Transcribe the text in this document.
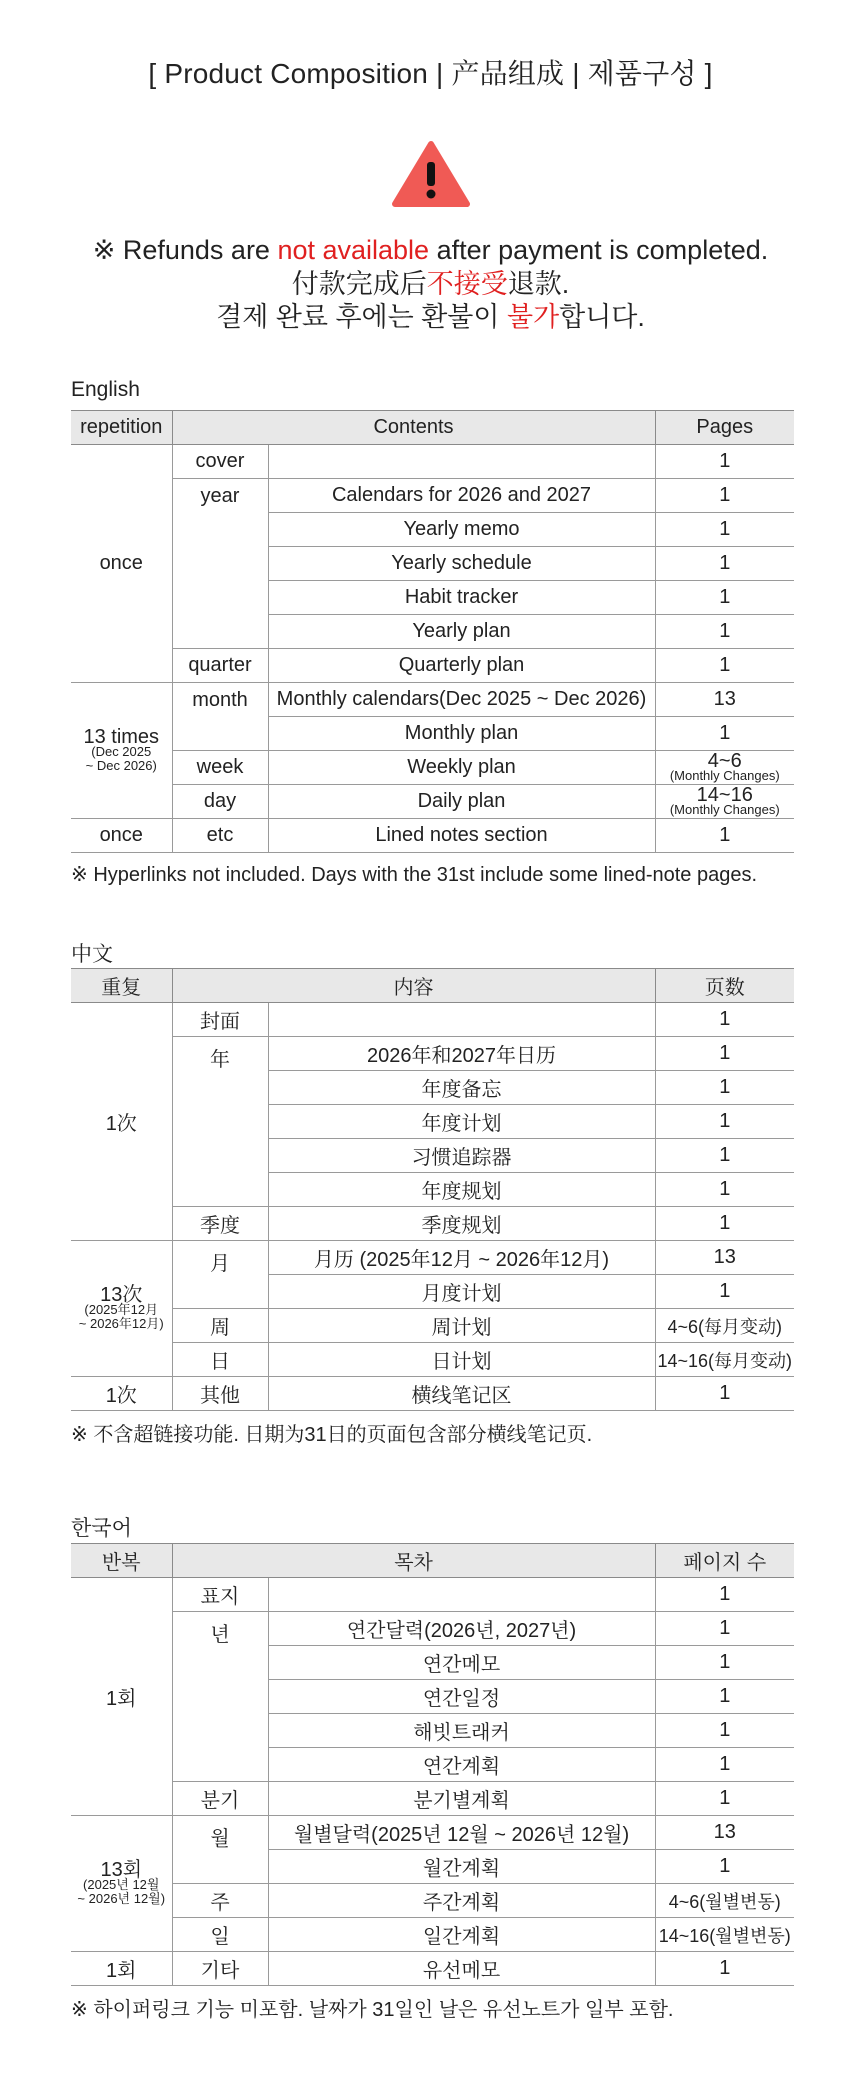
[ Product Composition | 产品组成 | 제품구성 ]
※ Refunds are not available after payment is completed.
付款完成后不接受退款.
결제 완료 후에는 환불이 불가합니다.
English
repetition	Contents		Pages
once	cover		1
	year	Calendars for 2026 and 2027	1
		Yearly memo	1
		Yearly schedule	1
		Habit tracker	1
		Yearly plan	1
	quarter	Quarterly plan	1

13 times
(Dec 2025
~ Dec 2026)	month	Monthly calendars(Dec 2025 ~ Dec 2026)	13
		Monthly plan	1
	week	Weekly plan	4~6
(Monthly Changes)

	day	Daily plan	14~16
(Monthly Changes)

once	etc	Lined notes section	1
※ Hyperlinks not included. Days with the 31st include some lined-note pages.
中文
重复	内容		页数
1次	封面		1
	年	2026年和2027年日历	1
		年度备忘	1
		年度计划	1
		习惯追踪器	1
		年度规划	1
	季度	季度规划	1

13次
(2025年12月
~ 2026年12月)	月	月历 (2025年12月 ~ 2026年12月)	13
		月度计划	1
	周	周计划	4~6(每月变动)
	日	日计划	14~16(每月变动)
1次	其他	横线笔记区	1
※ 不含超链接功能. 日期为31日的页面包含部分横线笔记页.
한국어
반복	목차		페이지 수
1회	표지		1
	년	연간달력(2026년, 2027년)	1
		연간메모	1
		연간일정	1
		해빗트래커	1
		연간계획	1
	분기	분기별계획	1

13회
(2025년 12월
~ 2026년 12월)	월	월별달력(2025년 12월 ~ 2026년 12월)	13
		월간계획	1
	주	주간계획	4~6(월별변동)
	일	일간계획	14~16(월별변동)
1회	기타	유선메모	1
※ 하이퍼링크 기능 미포함. 날짜가 31일인 날은 유선노트가 일부 포함.
